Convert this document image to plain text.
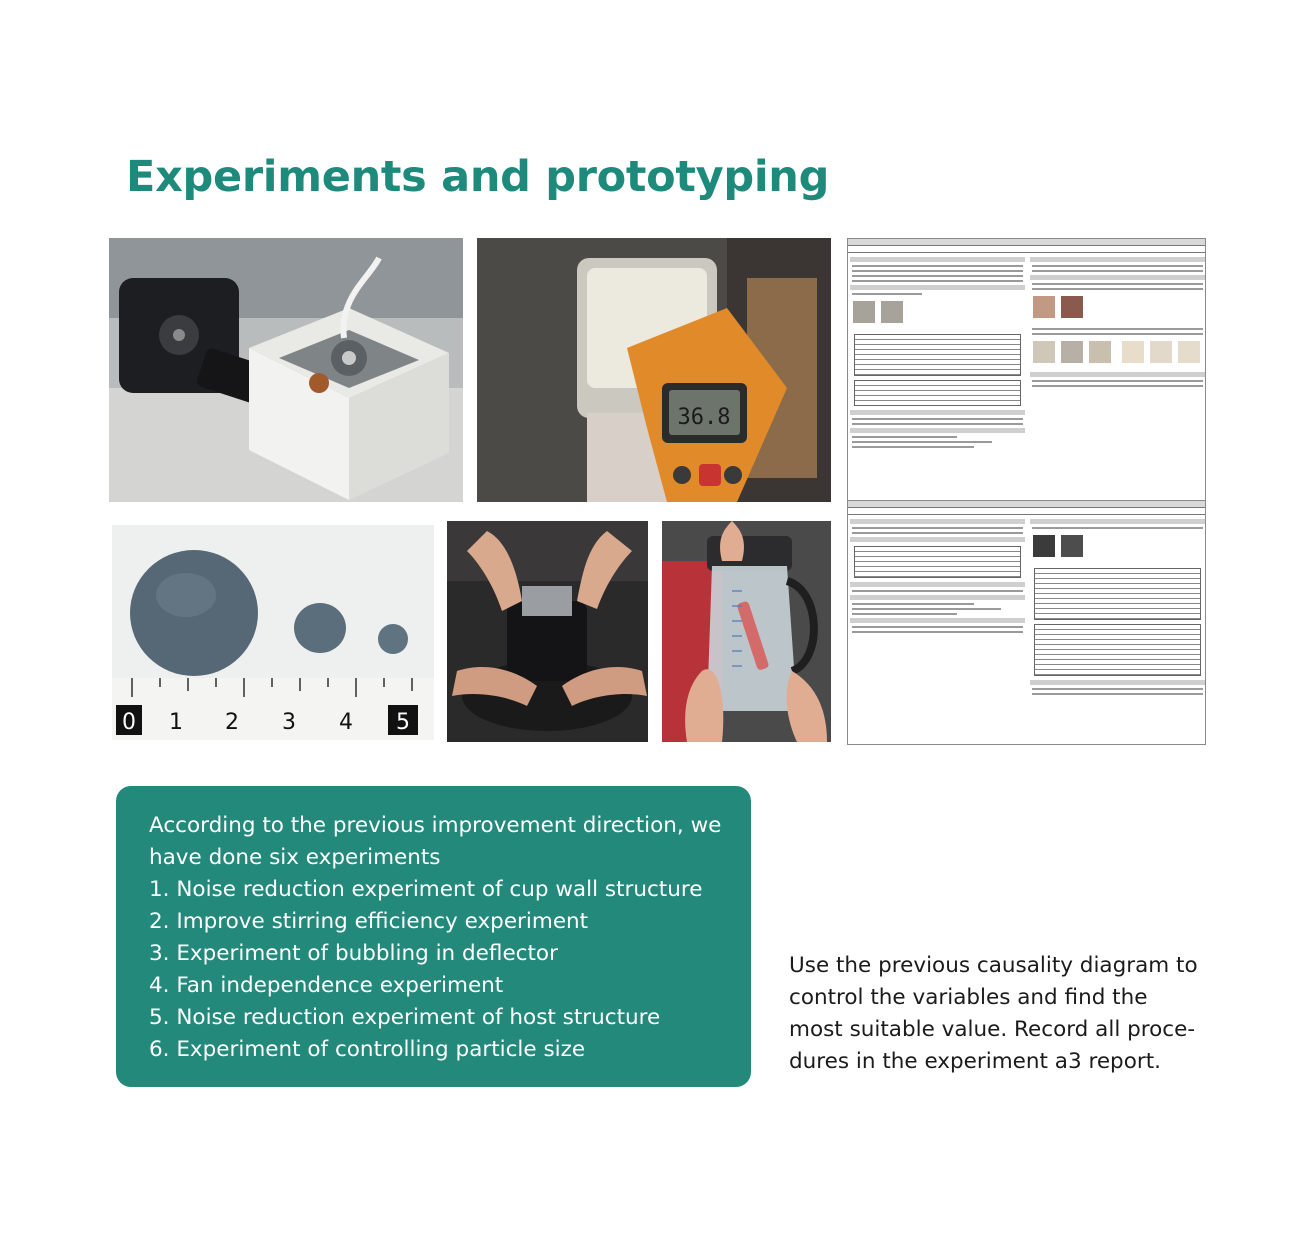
Experiments and prototyping
36.8
0 1 2 3 4 5

According to the previous improvement direction, we

have done six experiments

1. Noise reduction experiment of cup wall structure

2. Improve stirring efficiency experiment

3. Experiment of bubbling in deflector

4. Fan independence experiment

5. Noise reduction experiment of host structure

6. Experiment of controlling particle size

Use the previous causality diagram to

control the variables and find the

most suitable value. Record all proce-

dures in the experiment a3 report.
